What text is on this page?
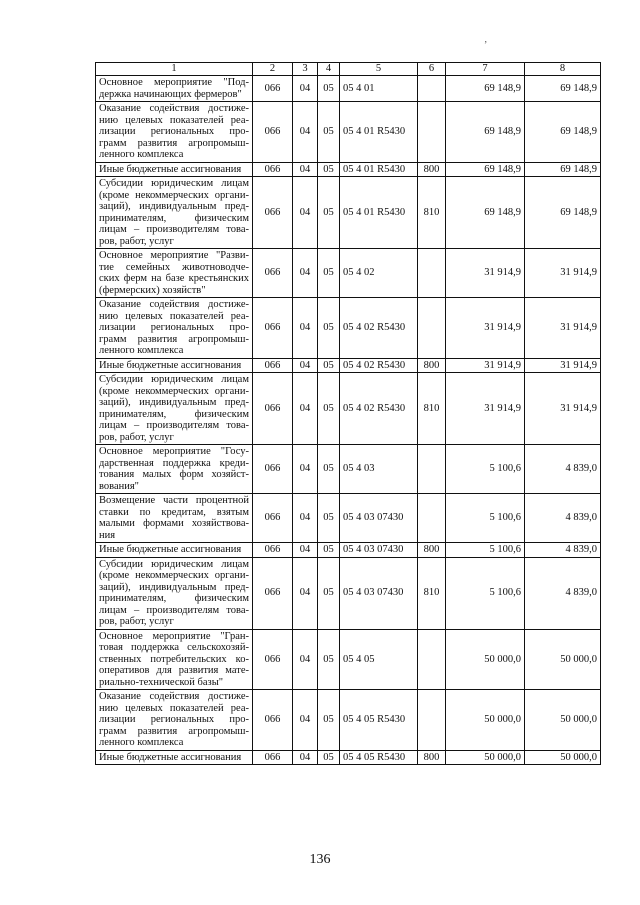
‚
1	2	3	4	5	6	7	8
Основное мероприятие "Под-держка начинающих фермеров"	066	04	05	05 4 01		69 148,9	69 148,9
Оказание содействия достиже-нию целевых показателей реа-лизации региональных про-грамм развития агропромыш-ленного комплекса	066	04	05	05 4 01 R5430		69 148,9	69 148,9
Иные бюджетные ассигнования	066	04	05	05 4 01 R5430	800	69 148,9	69 148,9
Субсидии юридическим лицам (кроме некоммерческих органи-заций), индивидуальным пред-принимателям, физическим лицам – производителям това-ров, работ, услуг	066	04	05	05 4 01 R5430	810	69 148,9	69 148,9
Основное мероприятие "Разви-тие семейных животноводче-ских ферм на базе крестьянских (фермерских) хозяйств"	066	04	05	05 4 02		31 914,9	31 914,9
Оказание содействия достиже-нию целевых показателей реа-лизации региональных про-грамм развития агропромыш-ленного комплекса	066	04	05	05 4 02 R5430		31 914,9	31 914,9
Иные бюджетные ассигнования	066	04	05	05 4 02 R5430	800	31 914,9	31 914,9
Субсидии юридическим лицам (кроме некоммерческих органи-заций), индивидуальным пред-принимателям, физическим лицам – производителям това-ров, работ, услуг	066	04	05	05 4 02 R5430	810	31 914,9	31 914,9
Основное мероприятие "Госу-дарственная поддержка креди-тования малых форм хозяйст-вования"	066	04	05	05 4 03		5 100,6	4 839,0
Возмещение части процентной ставки по кредитам, взятым малыми формами хозяйствова-ния	066	04	05	05 4 03 07430		5 100,6	4 839,0
Иные бюджетные ассигнования	066	04	05	05 4 03 07430	800	5 100,6	4 839,0
Субсидии юридическим лицам (кроме некоммерческих органи-заций), индивидуальным пред-принимателям, физическим лицам – производителям това-ров, работ, услуг	066	04	05	05 4 03 07430	810	5 100,6	4 839,0
Основное мероприятие "Гран-товая поддержка сельскохозяй-ственных потребительских ко-оперативов для развития мате-риально-технической базы"	066	04	05	05 4 05		50 000,0	50 000,0
Оказание содействия достиже-нию целевых показателей реа-лизации региональных про-грамм развития агропромыш-ленного комплекса	066	04	05	05 4 05 R5430		50 000,0	50 000,0
Иные бюджетные ассигнования	066	04	05	05 4 05 R5430	800	50 000,0	50 000,0
136
